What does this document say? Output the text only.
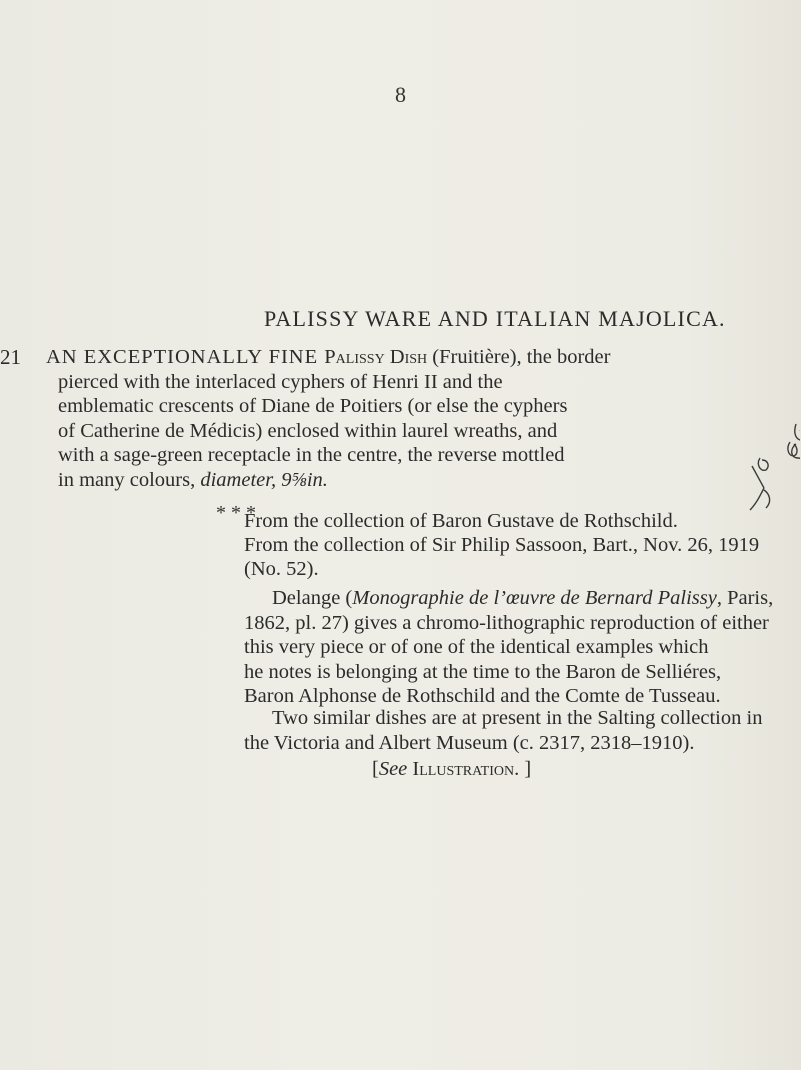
8
PALISSY WARE AND ITALIAN MAJOLICA.
21 AN EXCEPTIONALLY FINE Palissy Dish (Fruitière), the border
pierced with the interlaced cyphers of Henri II and the
emblematic crescents of Diane de Poitiers (or else the cyphers
of Catherine de Médicis) enclosed within laurel wreaths, and
with a sage-green receptacle in the centre, the reverse mottled
in many colours, diameter, 9⅝in.
* * *
From the collection of Baron Gustave de Rothschild.
From the collection of Sir Philip Sassoon, Bart., Nov. 26, 1919
(No. 52).
Delange (Monographie de l’œuvre de Bernard Palissy, Paris,
1862, pl. 27) gives a chromo-lithographic reproduction of either
this very piece or of one of the identical examples which
he notes is belonging at the time to the Baron de Selliéres,
Baron Alphonse de Rothschild and the Comte de Tusseau.
[See Illustration. ]
Two similar dishes are at present in the Salting collection in
the Victoria and Albert Museum (c. 2317, 2318–1910).
